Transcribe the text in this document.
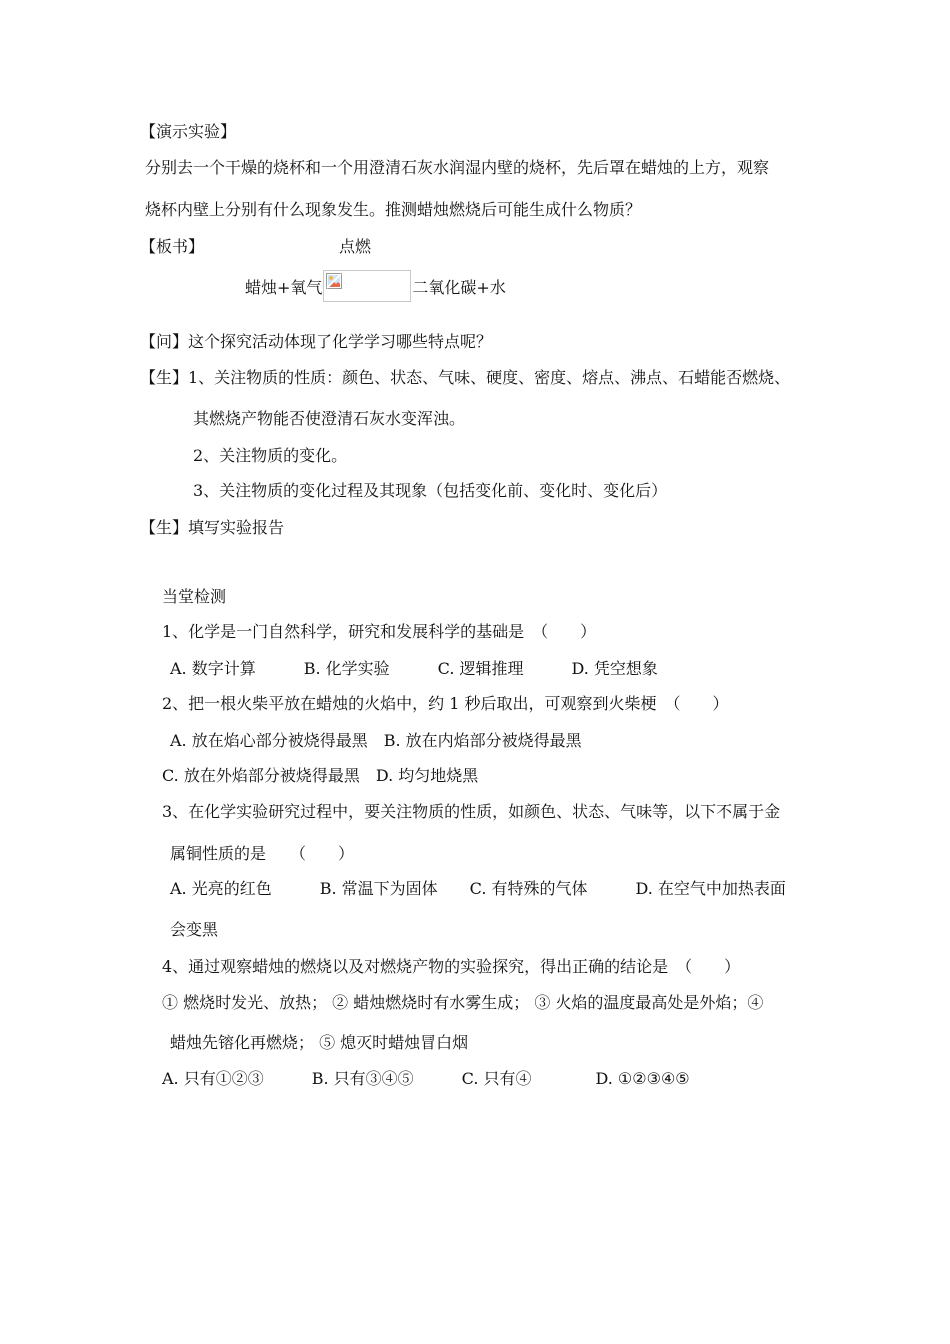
【演示实验】
分别去一个干燥的烧杯和一个用澄清石灰水润湿内壁的烧杯，先后罩在蜡烛的上方，观察
烧杯内壁上分别有什么现象发生。推测蜡烛燃烧后可能生成什么物质？
【板书】	点燃
蜡烛+氧气	二氧化碳+水
【问】这个探究活动体现了化学学习哪些特点呢？
【生】1、关注物质的性质：颜色、状态、气味、硬度、密度、熔点、沸点、石蜡能否燃烧、
其燃烧产物能否使澄清石灰水变浑浊。
2、关注物质的变化。
3、关注物质的变化过程及其现象（包括变化前、变化时、变化后）
【生】填写实验报告
当堂检测
1、化学是一门自然科学，研究和发展科学的基础是　（　　）
A. 数字计算　　　B. 化学实验　　　C. 逻辑推理　　　D. 凭空想象
2、把一根火柴平放在蜡烛的火焰中，约 1 秒后取出，可观察到火柴梗　（　　）
A. 放在焰心部分被烧得最黑　B. 放在内焰部分被烧得最黑
C. 放在外焰部分被烧得最黑　D. 均匀地烧黑
3、在化学实验研究过程中，要关注物质的性质，如颜色、状态、气味等，以下不属于金
属铜性质的是　　（　　）
A. 光亮的红色　　　B. 常温下为固体　　C. 有特殊的气体　　　D. 在空气中加热表面
会变黑
4、通过观察蜡烛的燃烧以及对燃烧产物的实验探究，得出正确的结论是　（　　）
① 燃烧时发光、放热； ② 蜡烛燃烧时有水雾生成； ③ 火焰的温度最高处是外焰；④
蜡烛先镕化再燃烧； ⑤ 熄灭时蜡烛冒白烟
A. 只有①②③　　　B. 只有③④⑤　　　C. 只有④　　　　D. ①②③④⑤
